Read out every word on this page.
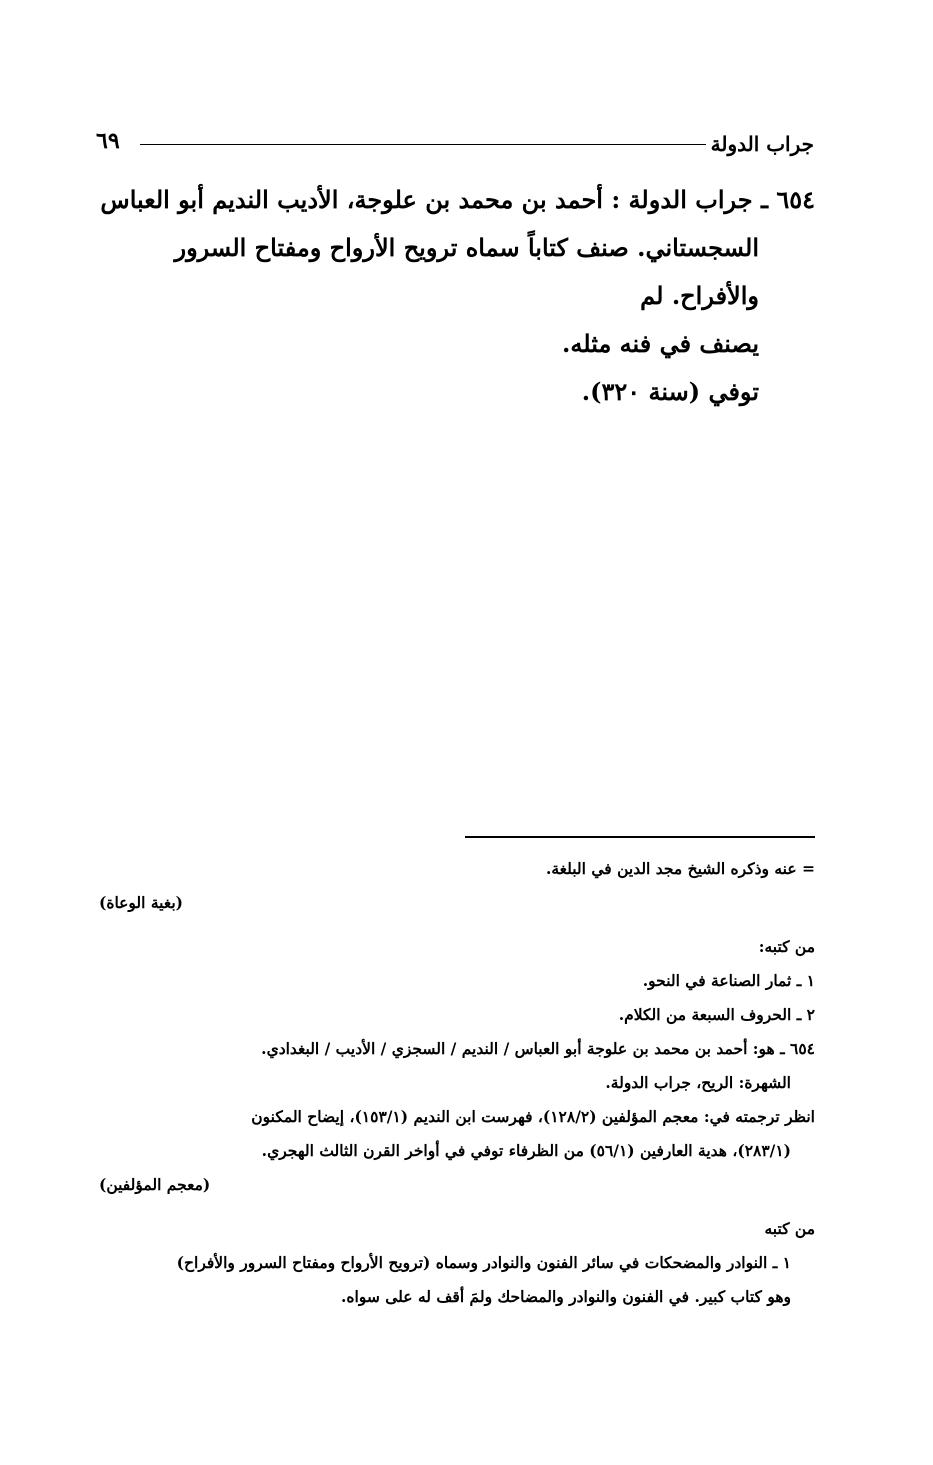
جراب الدولة
٦٩

٦٥٤ ـ جراب الدولة : أحمد بن محمد بن علوجة، الأديب النديم أبو العباس

السجستاني. صنف كتاباً سماه ترويح الأرواح ومفتاح السرور والأفراح. لم

يصنف في فنه مثله.

توفي (سنة ٣٢٠).

= عنه وذكره الشيخ مجد الدين في البلغة.

(بغية الوعاة)

من كتبه:

١ ـ ثمار الصناعة في النحو.

٢ ـ الحروف السبعة من الكلام.

٦٥٤ ـ هو: أحمد بن محمد بن علوجة أبو العباس / النديم / السجزي / الأديب / البغدادي.

الشهرة: الريح، جراب الدولة.

انظر ترجمته في: معجم المؤلفين (١٢٨/٢)، فهرست ابن النديم (١٥٣/١)، إيضاح المكنون

(٢٨٣/١)، هدية العارفين (٥٦/١) من الظرفاء توفي في أواخر القرن الثالث الهجري.

(معجم المؤلفين)

من كتبه

١ ـ النوادر والمضحكات في سائر الفنون والنوادر وسماه (ترويح الأرواح ومفتاح السرور والأفراح)

وهو كتاب كبير. في الفنون والنوادر والمضاحك ولمَ أقف له على سواه.
